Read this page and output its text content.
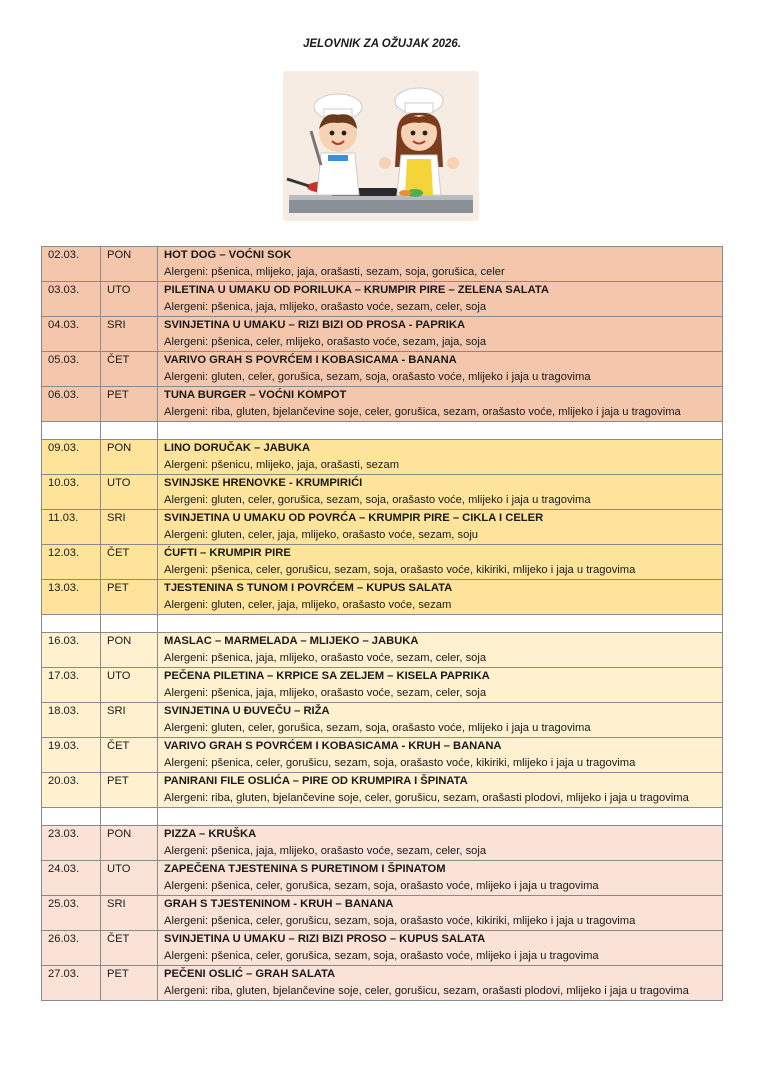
JELOVNIK ZA OŽUJAK 2026.
02.03.	PON	HOT DOG – VOĆNI SOK
Alergeni: pšenica, mlijeko, jaja, orašasti, sezam, soja, gorušica, celer

03.03.	UTO	PILETINA U UMAKU OD PORILUKA – KRUMPIR PIRE – ZELENA SALATA
Alergeni: pšenica, jaja, mlijeko, orašasto voće, sezam, celer, soja

04.03.	SRI	SVINJETINA U UMAKU – RIZI BIZI OD PROSA - PAPRIKA
Alergeni: pšenica, celer, mlijeko, orašasto voće, sezam, jaja, soja

05.03.	ČET	VARIVO GRAH S POVRĆEM I KOBASICAMA - BANANA
Alergeni: gluten, celer, gorušica, sezam, soja, orašasto voće, mlijeko i jaja u tragovima

06.03.	PET	TUNA BURGER – VOĆNI KOMPOT
Alergeni: riba, gluten, bjelančevine soje, celer, gorušica, sezam, orašasto voće, mlijeko i jaja u tragovima

09.03.	PON	LINO DORUČAK – JABUKA
Alergeni: pšenicu, mlijeko, jaja, orašasti, sezam

10.03.	UTO	SVINJSKE HRENOVKE - KRUMPIRIĆI
Alergeni: gluten, celer, gorušica, sezam, soja, orašasto voće, mlijeko i jaja u tragovima

11.03.	SRI	SVINJETINA U UMAKU OD POVRĆA – KRUMPIR PIRE – CIKLA I CELER
Alergeni: gluten, celer, jaja, mlijeko, orašasto voće, sezam, soju

12.03.	ČET	ĆUFTI – KRUMPIR PIRE
Alergeni: pšenica, celer, gorušicu, sezam, soja, orašasto voće, kikiriki, mlijeko i jaja u tragovima

13.03.	PET	TJESTENINA S TUNOM I POVRĆEM – KUPUS SALATA
Alergeni: gluten, celer, jaja, mlijeko, orašasto voće, sezam

16.03.	PON	MASLAC – MARMELADA – MLIJEKO – JABUKA
Alergeni: pšenica, jaja, mlijeko, orašasto voće, sezam, celer, soja

17.03.	UTO	PEČENA PILETINA – KRPICE SA ZELJEM – KISELA PAPRIKA
Alergeni: pšenica, jaja, mlijeko, orašasto voće, sezam, celer, soja

18.03.	SRI	SVINJETINA U ĐUVEČU – RIŽA
Alergeni: gluten, celer, gorušica, sezam, soja, orašasto voće, mlijeko i jaja u tragovima

19.03.	ČET	VARIVO GRAH S POVRĆEM I KOBASICAMA - KRUH – BANANA
Alergeni: pšenica, celer, gorušicu, sezam, soja, orašasto voće, kikiriki, mlijeko i jaja u tragovima

20.03.	PET	PANIRANI FILE OSLIĆA – PIRE OD KRUMPIRA I ŠPINATA
Alergeni: riba, gluten, bjelančevine soje, celer, gorušicu, sezam, orašasti plodovi, mlijeko i jaja u tragovima

23.03.	PON	PIZZA – KRUŠKA
Alergeni: pšenica, jaja, mlijeko, orašasto voće, sezam, celer, soja

24.03.	UTO	ZAPEČENA TJESTENINA S PURETINOM I ŠPINATOM
Alergeni: pšenica, celer, gorušica, sezam, soja, orašasto voće, mlijeko i jaja u tragovima

25.03.	SRI	GRAH S TJESTENINOM - KRUH – BANANA
Alergeni: pšenica, celer, gorušicu, sezam, soja, orašasto voće, kikiriki, mlijeko i jaja u tragovima

26.03.	ČET	SVINJETINA U UMAKU – RIZI BIZI PROSO – KUPUS SALATA
Alergeni: pšenica, celer, gorušica, sezam, soja, orašasto voće, mlijeko i jaja u tragovima

27.03.	PET	PEČENI OSLIĆ – GRAH SALATA
Alergeni: riba, gluten, bjelančevine soje, celer, gorušicu, sezam, orašasti plodovi, mlijeko i jaja u tragovima
